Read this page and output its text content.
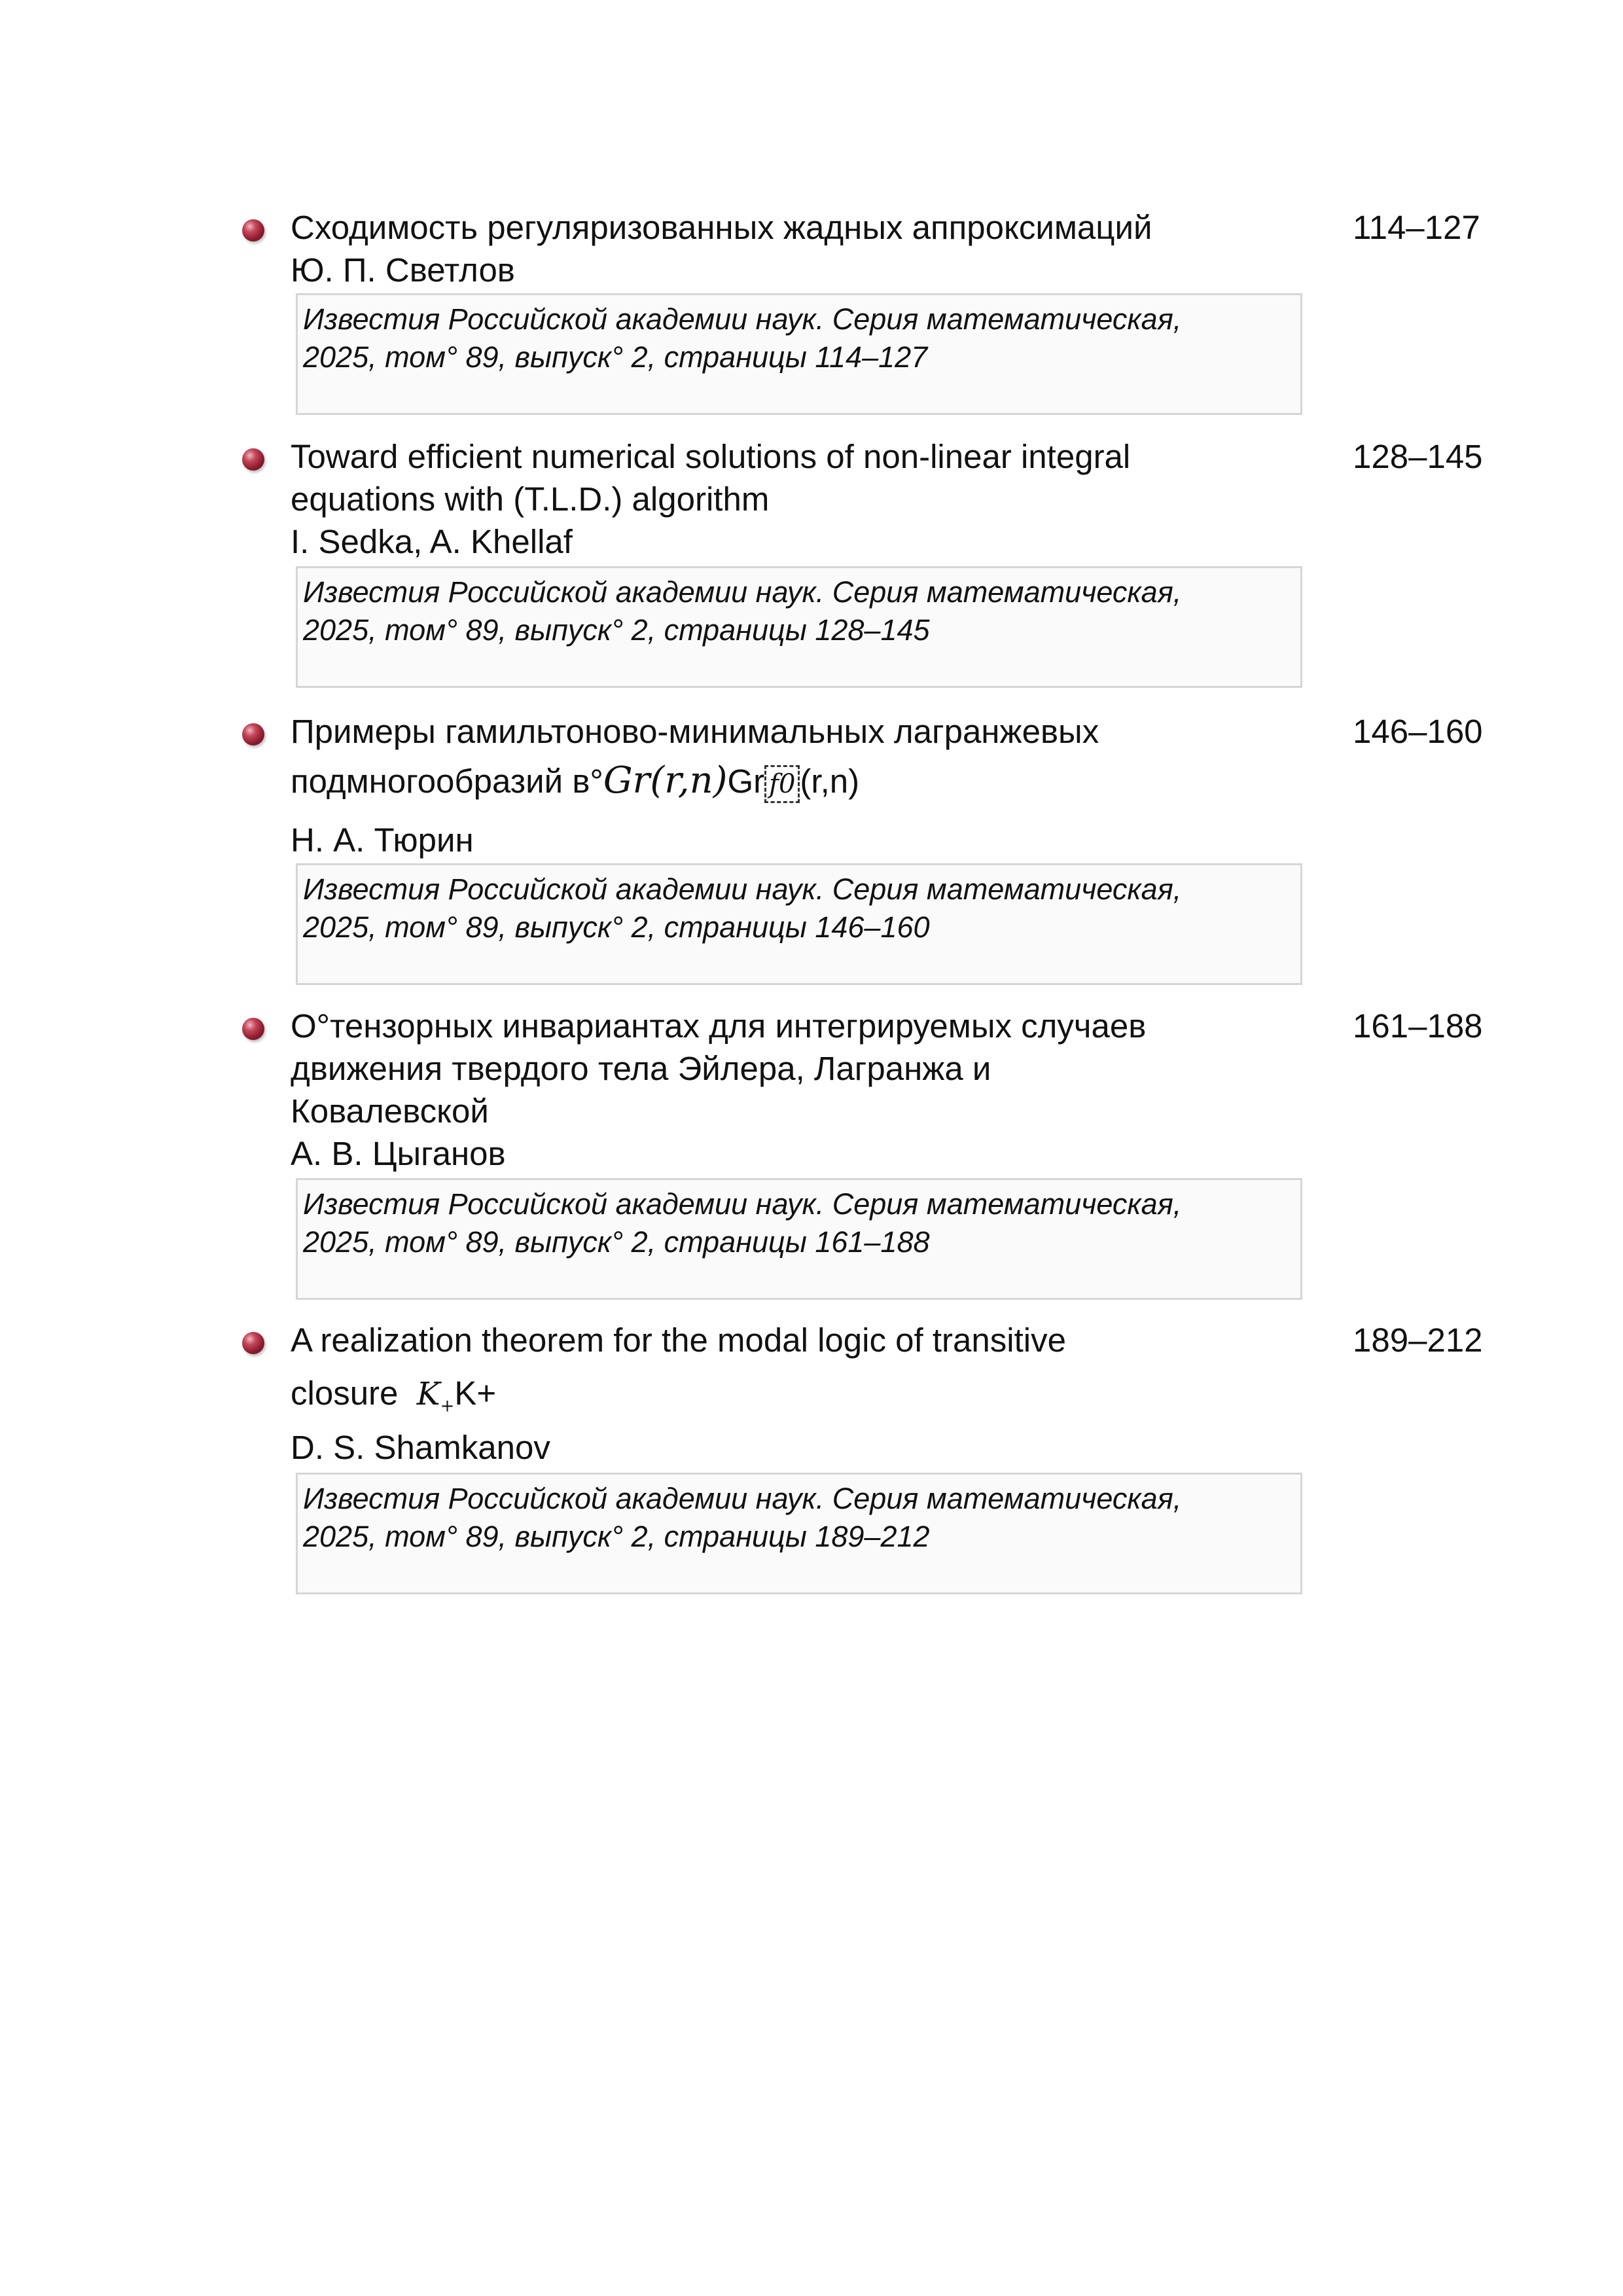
Сходимость регуляризованных жадных аппроксимаций	114–127
Ю. П. Светлов
Известия Российской академии наук. Серия математическая,
2025, том° 89, выпуск° 2, страницы 114–127
Toward efficient numerical solutions of non-linear integral
equations with (T.L.D.) algorithm
128–145
I. Sedka, A. Khellaf
Известия Российской академии наук. Серия математическая,
2025, том° 89, выпуск° 2, страницы 128–145
Примеры гамильтоново-минимальных лагранжевых
подмногообразий в°Gr(r,n)Gr f0 (r,n)
146–160
Н. А. Тюрин
Известия Российской академии наук. Серия математическая,
2025, том° 89, выпуск° 2, страницы 146–160
О°тензорных инвариантах для интегрируемых случаев
движения твердого тела Эйлера, Лагранжа и
Ковалевской
161–188
А. В. Цыганов
Известия Российской академии наук. Серия математическая,
2025, том° 89, выпуск° 2, страницы 161–188
A realization theorem for the modal logic of transitive
closure $K_+K+$
189–212
D. S. Shamkanov
Известия Российской академии наук. Серия математическая,
2025, том° 89, выпуск° 2, страницы 189–212
